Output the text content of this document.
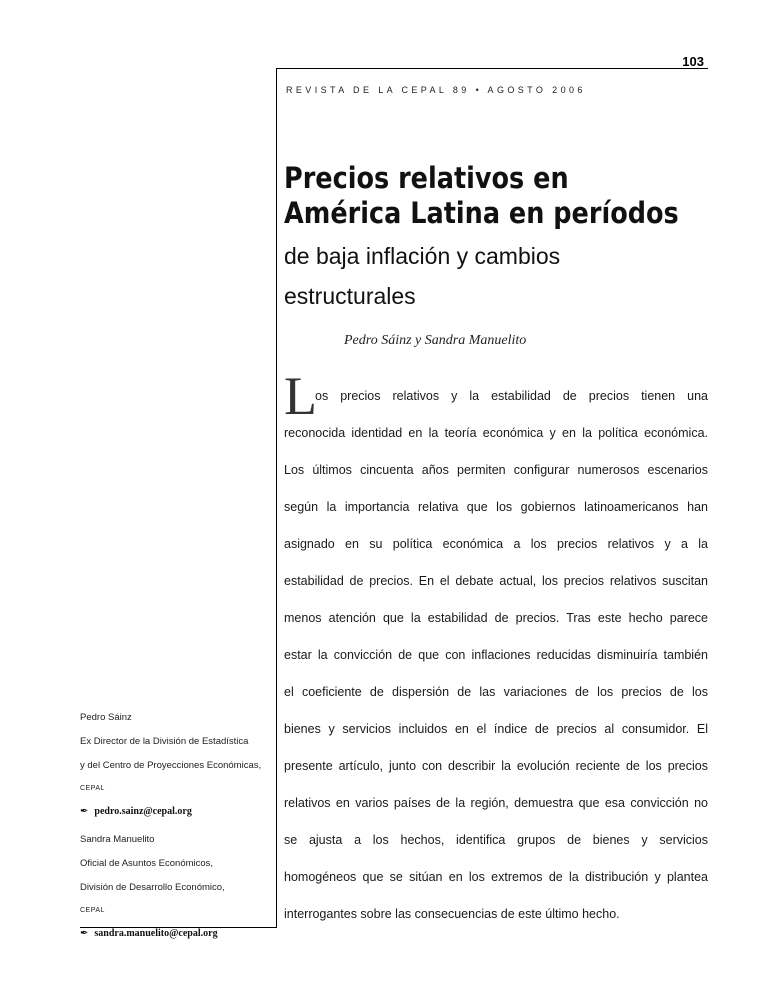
103
REVISTA DE LA CEPAL 89 • AGOSTO 2006
Precios relativos en
América Latina en períodos
de baja inflación y cambios
estructurales
Pedro Sáinz y Sandra Manuelito
L
os precios relativos y la estabilidad de precios tienen una
reconocida identidad en la teoría económica y en la política económica.
Los últimos cincuenta años permiten configurar numerosos escenarios
según la importancia relativa que los gobiernos latinoamericanos han
asignado en su política económica a los precios relativos y a la
estabilidad de precios. En el debate actual, los precios relativos suscitan
menos atención que la estabilidad de precios. Tras este hecho parece
estar la convicción de que con inflaciones reducidas disminuiría también
el coeficiente de dispersión de las variaciones de los precios de los
bienes y servicios incluidos en el índice de precios al consumidor. El
presente artículo, junto con describir la evolución reciente de los precios
relativos en varios países de la región, demuestra que esa convicción no
se ajusta a los hechos, identifica grupos de bienes y servicios
homogéneos que se sitúan en los extremos de la distribución y plantea
interrogantes sobre las consecuencias de este último hecho.
Pedro Sáinz
Ex Director de la División de Estadística
y del Centro de Proyecciones Económicas,
CEPAL
✒ pedro.sainz@cepal.org
Sandra Manuelito
Oficial de Asuntos Económicos,
División de Desarrollo Económico,
CEPAL
✒ sandra.manuelito@cepal.org
